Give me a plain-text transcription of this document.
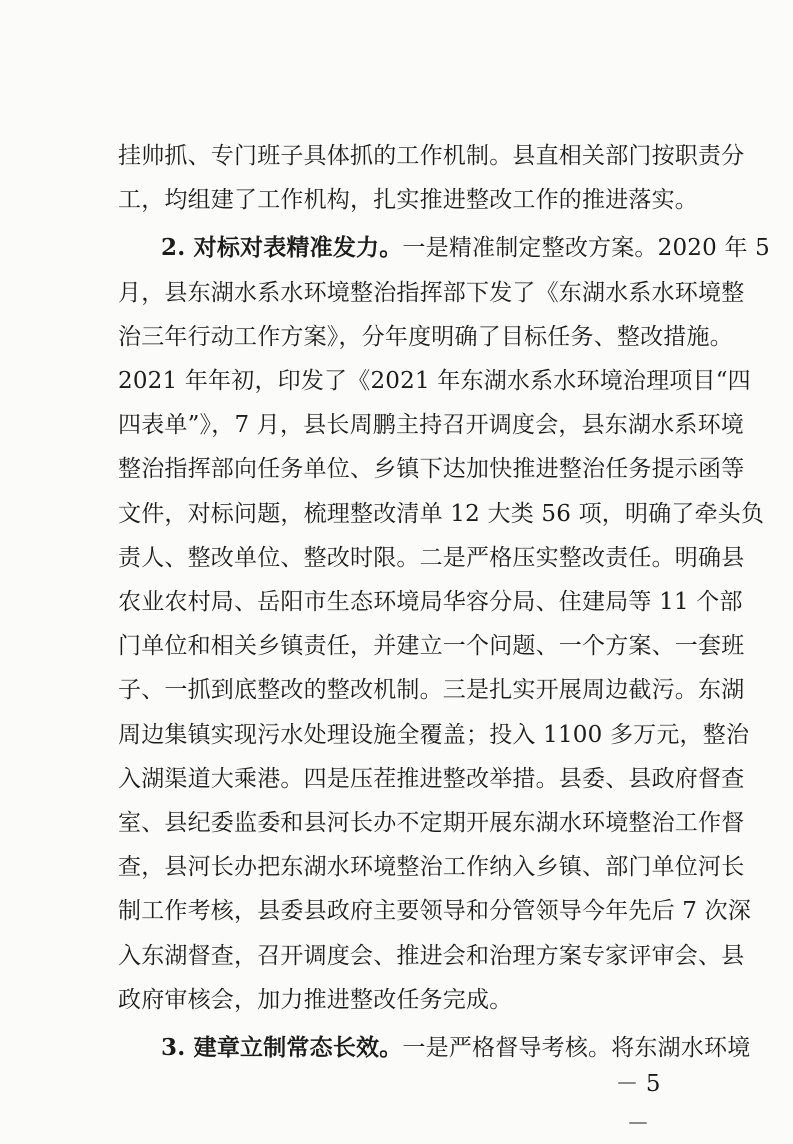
挂帅抓、专门班子具体抓的工作机制。县直相关部门按职责分
工，均组建了工作机构，扎实推进整改工作的推进落实。
2. 对标对表精准发力。一是精准制定整改方案。2020 年 5
月，县东湖水系水环境整治指挥部下发了《东湖水系水环境整
治三年行动工作方案》，分年度明确了目标任务、整改措施。
2021 年年初，印发了《2021 年东湖水系水环境治理项目“四
四表单”》，7 月，县长周鹏主持召开调度会，县东湖水系环境
整治指挥部向任务单位、乡镇下达加快推进整治任务提示函等
文件，对标问题，梳理整改清单 12 大类 56 项，明确了牵头负
责人、整改单位、整改时限。二是严格压实整改责任。明确县
农业农村局、岳阳市生态环境局华容分局、住建局等 11 个部
门单位和相关乡镇责任，并建立一个问题、一个方案、一套班
子、一抓到底整改的整改机制。三是扎实开展周边截污。东湖
周边集镇实现污水处理设施全覆盖；投入 1100 多万元，整治
入湖渠道大乘港。四是压茬推进整改举措。县委、县政府督查
室、县纪委监委和县河长办不定期开展东湖水环境整治工作督
查，县河长办把东湖水环境整治工作纳入乡镇、部门单位河长
制工作考核，县委县政府主要领导和分管领导今年先后 7 次深
入东湖督查，召开调度会、推进会和治理方案专家评审会、县
政府审核会，加力推进整改任务完成。
3. 建章立制常态长效。一是严格督导考核。将东湖水环境
－ 5 －
